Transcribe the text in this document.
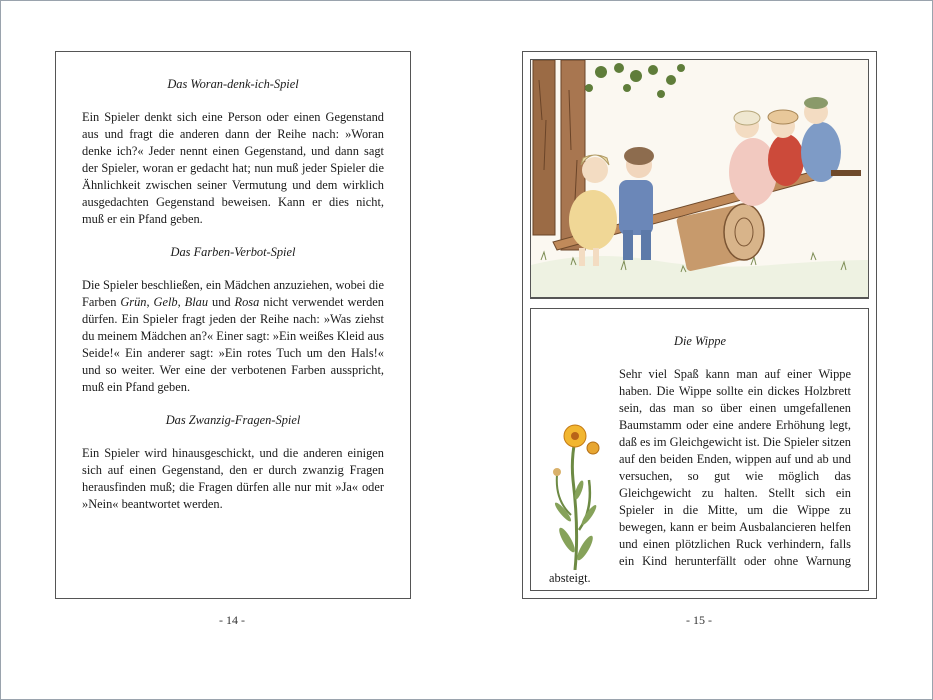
Das Woran-denk-ich-Spiel

Ein Spieler denkt sich eine Person oder einen Gegenstand aus und fragt die anderen dann der Reihe nach: »Woran denke ich?« Jeder nennt einen Gegenstand, und dann sagt der Spieler, woran er gedacht hat; nun muß jeder Spieler die Ähnlichkeit zwischen seiner Vermutung und dem wirklich ausgedachten Gegenstand beweisen. Kann er dies nicht, muß er ein Pfand geben.

Das Farben-Verbot-Spiel

Die Spieler beschließen, ein Mädchen anzuziehen, wobei die Farben Grün, Gelb, Blau und Rosa nicht verwendet werden dürfen. Ein Spieler fragt jeden der Reihe nach: »Was ziehst du meinem Mädchen an?« Einer sagt: »Ein weißes Kleid aus Seide!« Ein anderer sagt: »Ein rotes Tuch um den Hals!« und so weiter. Wer eine der verbotenen Farben ausspricht, muß ein Pfand geben.

Das Zwanzig-Fragen-Spiel

Ein Spieler wird hinausgeschickt, und die anderen einigen sich auf einen Gegenstand, den er durch zwanzig Fragen herausfinden muß; die Fragen dürfen alle nur mit »Ja« oder »Nein« beantwortet werden.

- 14 -

Die Wippe

Sehr viel Spaß kann man auf einer Wippe haben. Die Wippe sollte ein dickes Holzbrett sein, das man so über einen umgefallenen Baumstamm oder eine andere Erhöhung legt, daß es im Gleichgewicht ist. Die Spieler sitzen auf den beiden Enden, wippen auf und ab und versuchen, so gut wie möglich das Gleichgewicht zu halten. Stellt sich ein Spieler in die Mitte, um die Wippe zu bewegen, kann er beim Ausbalancieren helfen und einen plötzlichen Ruck verhindern, falls ein Kind herunterfällt oder ohne Warnung absteigt.

- 15 -
